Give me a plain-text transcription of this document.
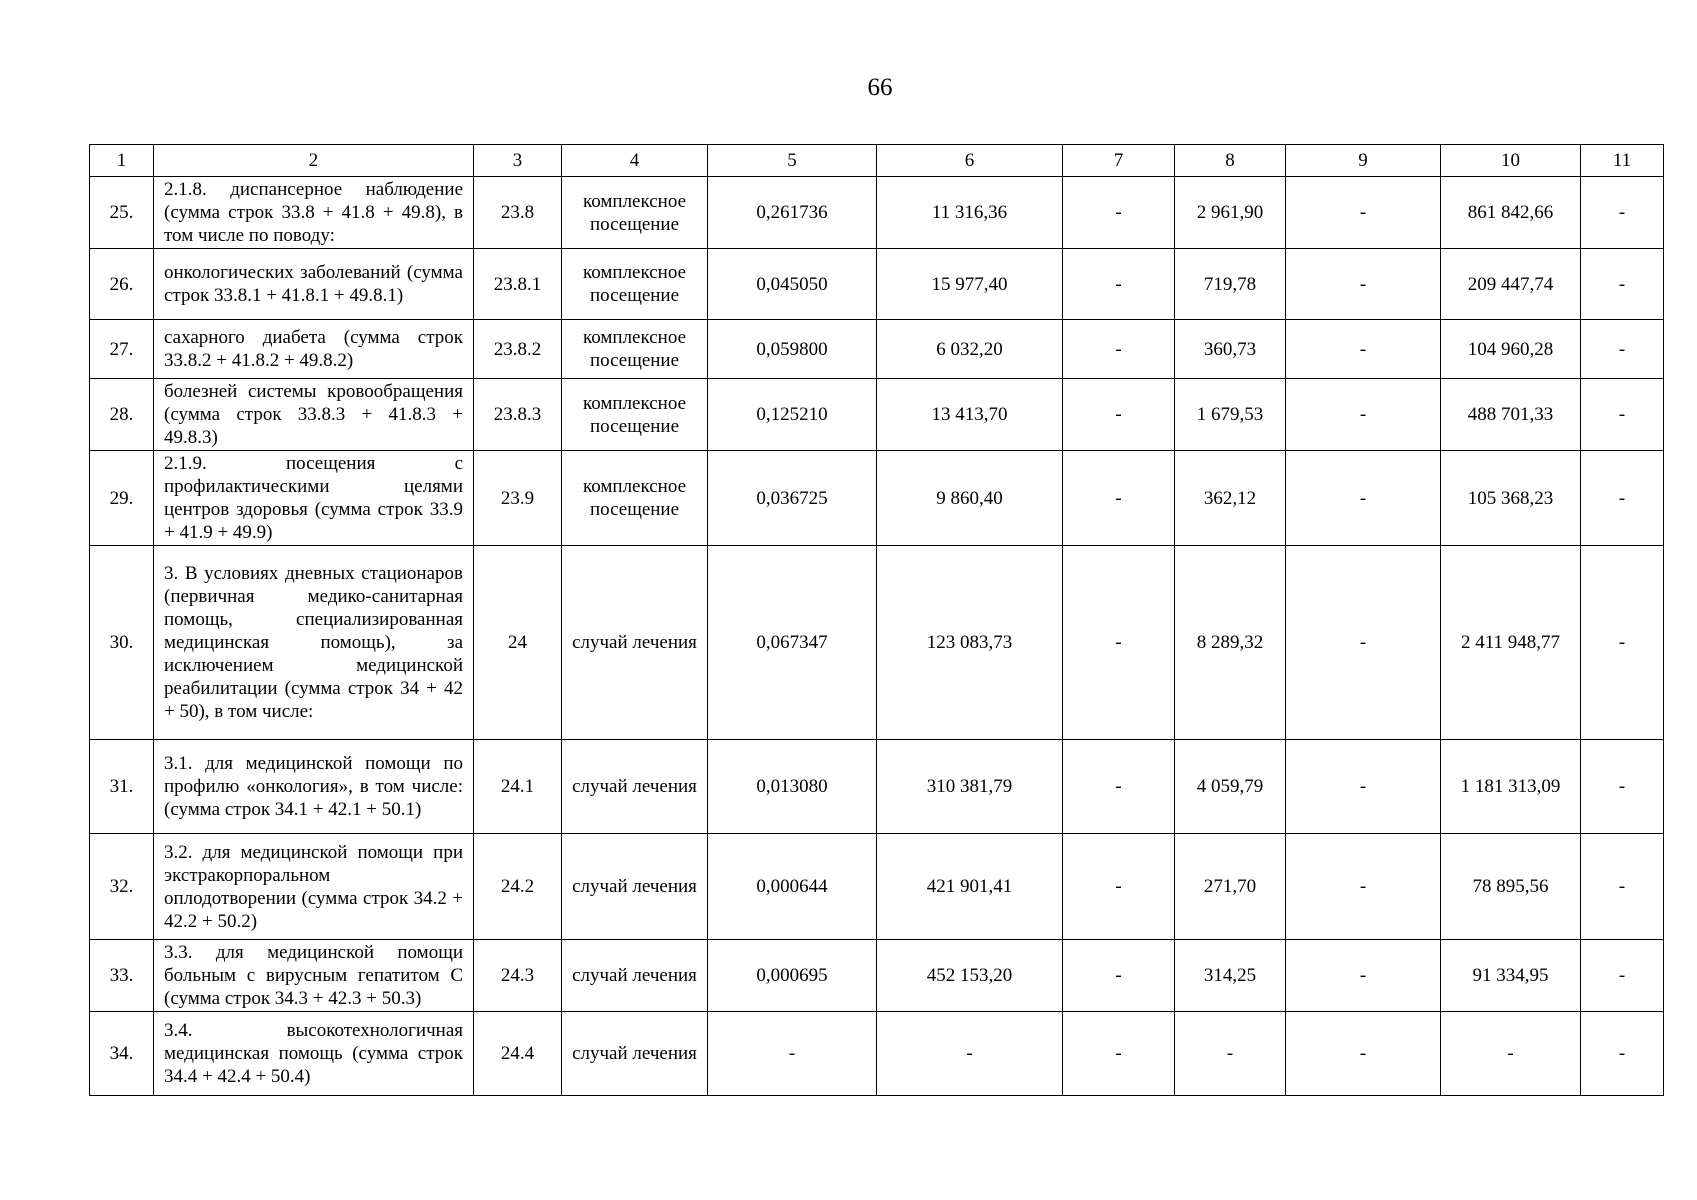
66
1	2	3	4	5	6	7	8	9	10	11
25.	2.1.8. диспансерное наблюдение (сумма строк 33.8 + 41.8 + 49.8), в том числе по поводу:	23.8	комплексное посещение	0,261736	11 316,36	-	2 961,90	-	861 842,66	-
26.	онкологических заболеваний (сумма строк 33.8.1 + 41.8.1 + 49.8.1)	23.8.1	комплексное посещение	0,045050	15 977,40	-	719,78	-	209 447,74	-
27.	сахарного диабета (сумма строк 33.8.2 + 41.8.2 + 49.8.2)	23.8.2	комплексное посещение	0,059800	6 032,20	-	360,73	-	104 960,28	-
28.	болезней системы кровообращения (сумма строк 33.8.3 + 41.8.3 + 49.8.3)	23.8.3	комплексное посещение	0,125210	13 413,70	-	1 679,53	-	488 701,33	-
29.	2.1.9. посещения с профилактическими целями центров здоровья (сумма строк 33.9 + 41.9 + 49.9)	23.9	комплексное посещение	0,036725	9 860,40	-	362,12	-	105 368,23	-
30.	3. В условиях дневных стационаров (первичная медико-санитарная помощь, специализированная медицинская помощь), за исключением медицинской реабилитации (сумма строк 34 + 42 + 50), в том числе:	24	случай лечения	0,067347	123 083,73	-	8 289,32	-	2 411 948,77	-
31.	3.1. для медицинской помощи по профилю «онкология», в том числе: (сумма строк 34.1 + 42.1 + 50.1)	24.1	случай лечения	0,013080	310 381,79	-	4 059,79	-	1 181 313,09	-
32.	3.2. для медицинской помощи при экстракорпоральном оплодотворении (сумма строк 34.2 + 42.2 + 50.2)	24.2	случай лечения	0,000644	421 901,41	-	271,70	-	78 895,56	-
33.	3.3. для медицинской помощи больным с вирусным гепатитом С (сумма строк 34.3 + 42.3 + 50.3)	24.3	случай лечения	0,000695	452 153,20	-	314,25	-	91 334,95	-
34.	3.4. высокотехнологичная медицинская помощь (сумма строк 34.4 + 42.4 + 50.4)	24.4	случай лечения	-	-	-	-	-	-	-
